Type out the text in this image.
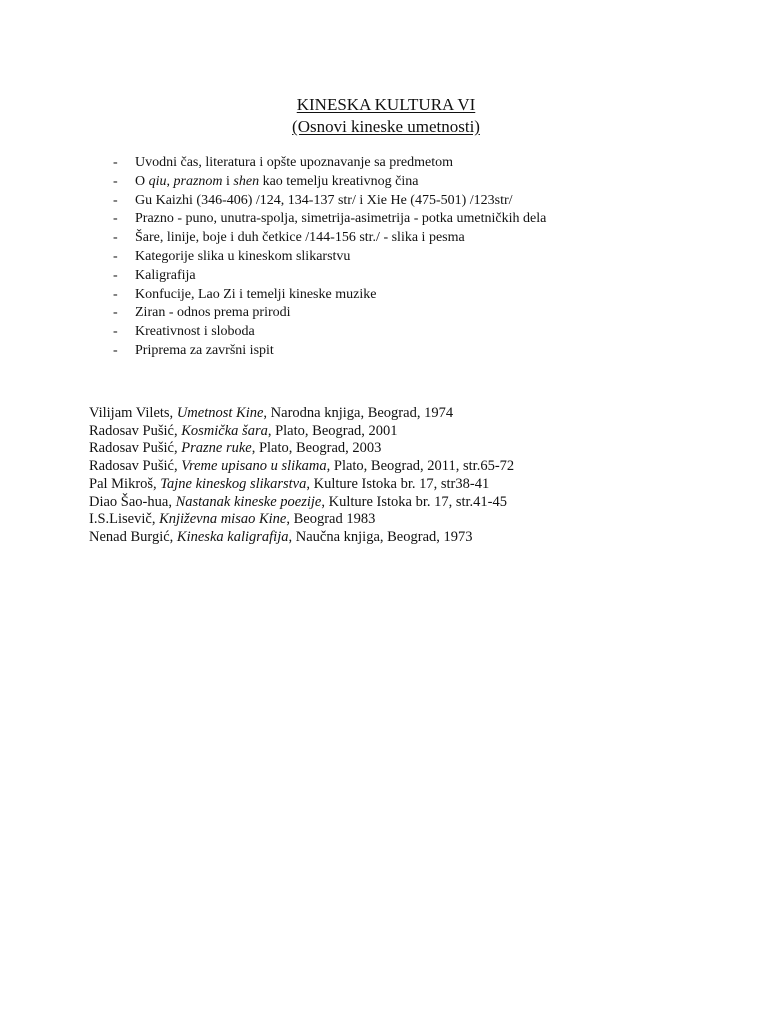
KINESKA KULTURA VI
(Osnovi kineske umetnosti)
- Uvodni čas, literatura i opšte upoznavanje sa predmetom
- O qiu, praznom i shen kao temelju kreativnog čina
- Gu Kaizhi (346-406) /124, 134-137 str/ i Xie He (475-501) /123str/
- Prazno - puno, unutra-spolja, simetrija-asimetrija - potka umetničkih dela
- Šare, linije, boje i duh četkice /144-156 str./ - slika i pesma
- Kategorije slika u kineskom slikarstvu
- Kaligrafija
- Konfucije, Lao Zi i temelji kineske muzike
- Ziran - odnos prema prirodi
- Kreativnost i sloboda
- Priprema za završni ispit
Vilijam Vilets, Umetnost Kine, Narodna knjiga, Beograd, 1974
Radosav Pušić, Kosmička šara, Plato, Beograd, 2001
Radosav Pušić, Prazne ruke, Plato, Beograd, 2003
Radosav Pušić, Vreme upisano u slikama, Plato, Beograd, 2011, str.65-72
Pal Mikroš, Tajne kineskog slikarstva, Kulture Istoka br. 17, str38-41
Diao Šao-hua, Nastanak kineske poezije, Kulture Istoka br. 17, str.41-45
I.S.Lisevič, Književna misao Kine, Beograd 1983
Nenad Burgić, Kineska kaligrafija, Naučna knjiga, Beograd, 1973
